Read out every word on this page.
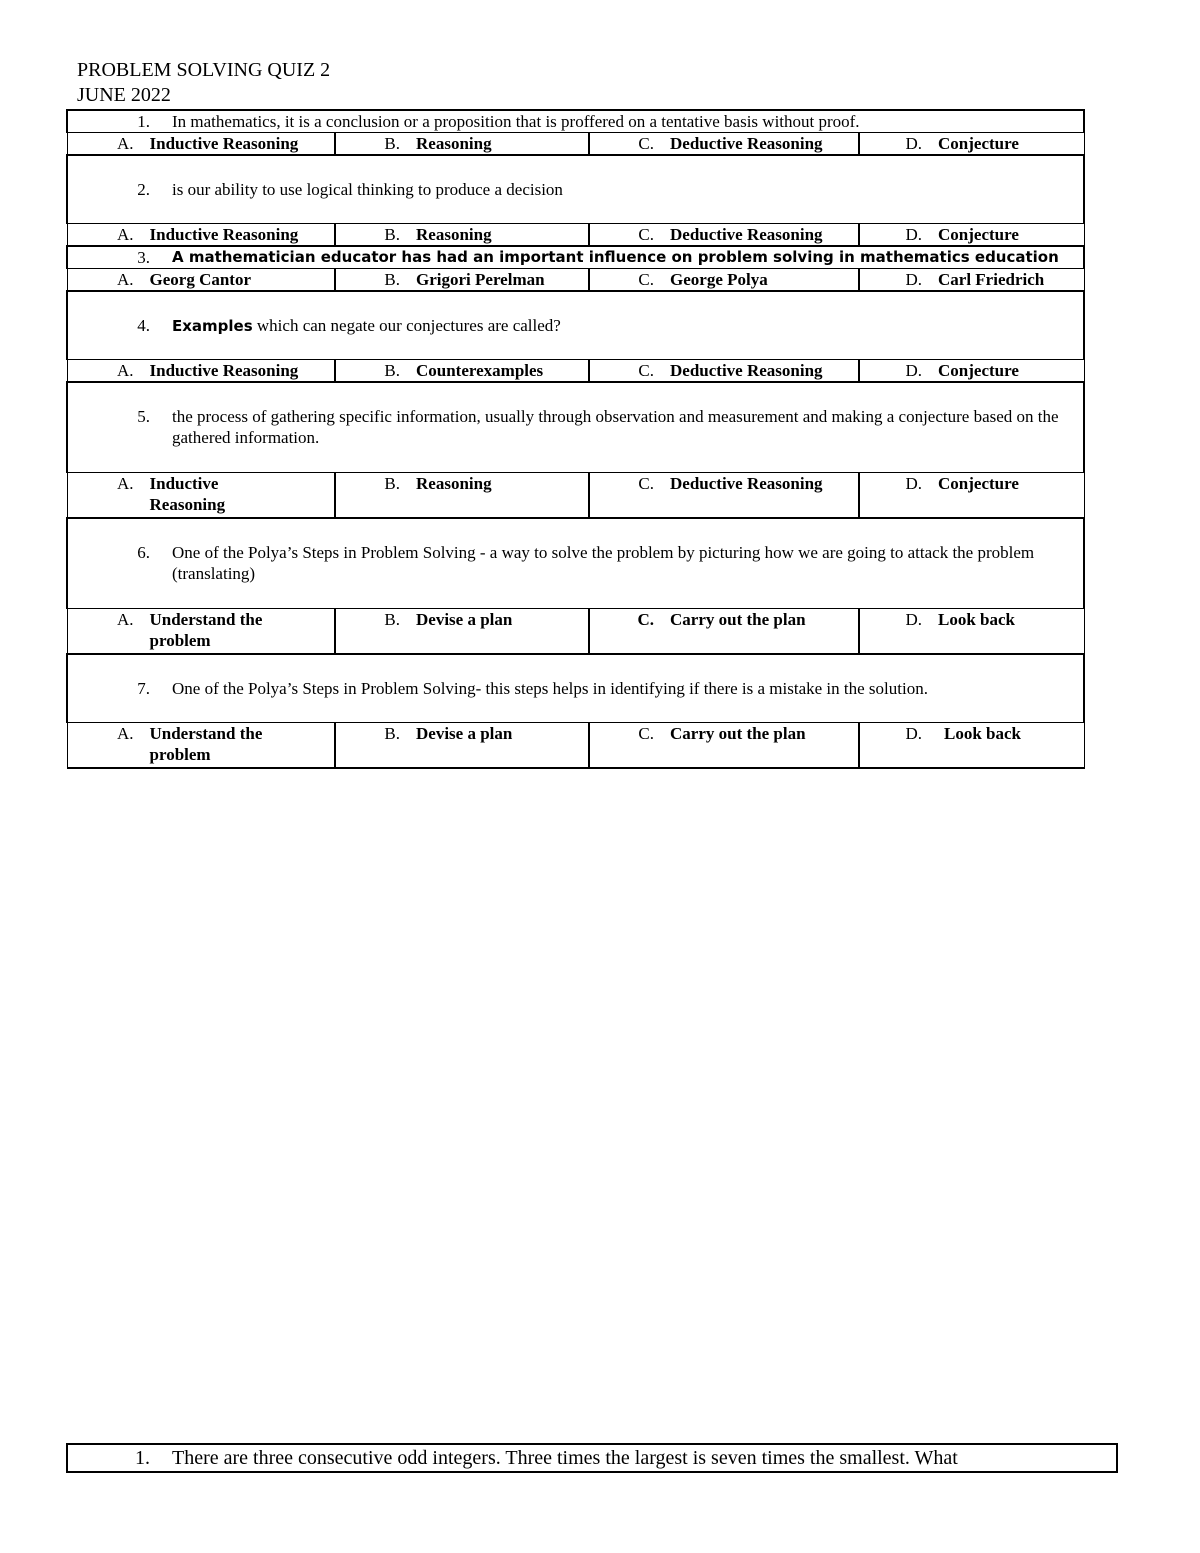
PROBLEM SOLVING QUIZ 2
JUNE 2022
1. In mathematics, it is a conclusion or a proposition that is proffered on a tentative basis without proof.			

A. Inductive Reasoning	B. Reasoning	C. Deductive Reasoning	D. Conjecture

2. is our ability to use logical thinking to produce a decision			

A. Inductive Reasoning	B. Reasoning	C. Deductive Reasoning	D. Conjecture

3. A mathematician educator has had an important influence on problem solving in mathematics education			

A. Georg Cantor	B. Grigori Perelman	C. George Polya	D. Carl Friedrich

4. Examples which can negate our conjectures are called?			

A. Inductive Reasoning	B. Counterexamples	C. Deductive Reasoning	D. Conjecture

5. the process of gathering specific information, usually through observation and measurement and making a conjecture based on the gathered information.			

A. Inductive Reasoning	B. Reasoning	C. Deductive Reasoning	D. Conjecture

6. One of the Polya’s Steps in Problem Solving - a way to solve the problem by picturing how we are going to attack the problem (translating)			

A. Understand the problem	B. Devise a plan	C. Carry out the plan	D. Look back

7. One of the Polya’s Steps in Problem Solving- this steps helps in identifying if there is a mistake in the solution.			

A. Understand the problem	B. Devise a plan	C. Carry out the plan	D. Look back
1. There are three consecutive odd integers. Three times the largest is seven times the smallest. What
